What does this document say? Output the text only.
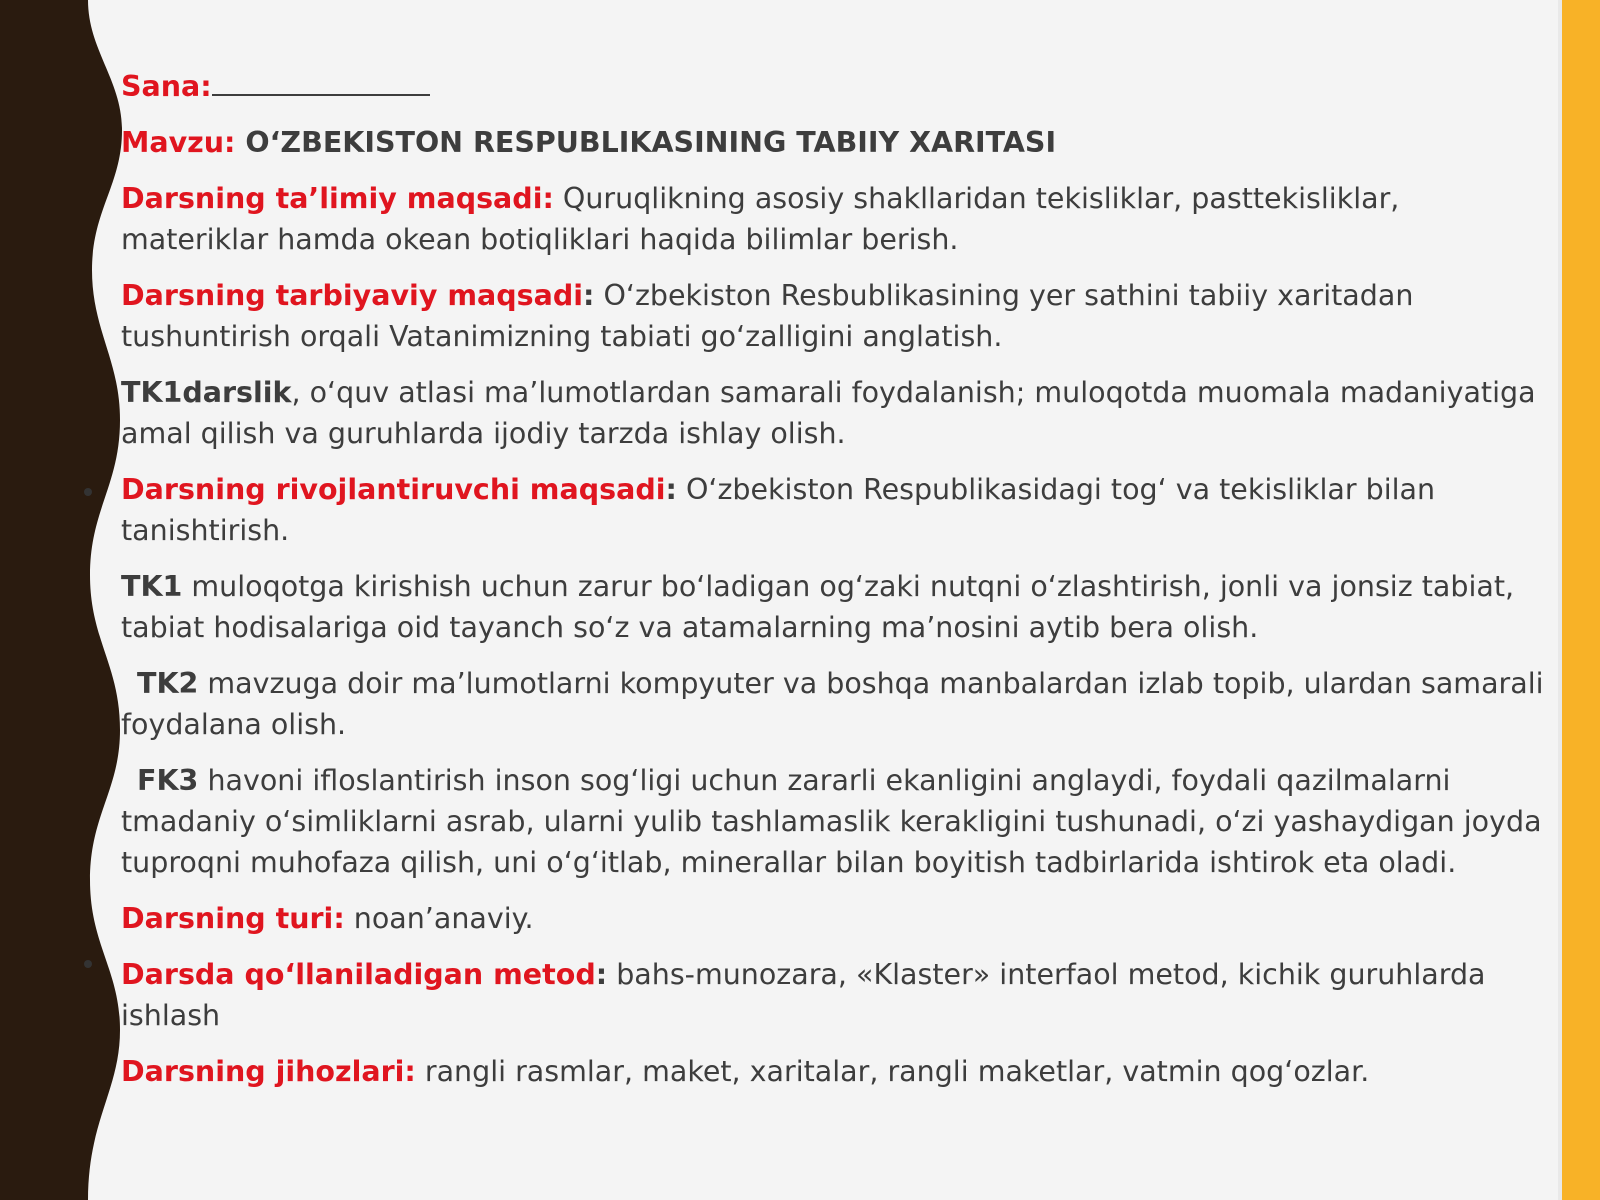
Sana:

Mavzu: O‘ZBEKISTON RESPUBLIKASINING TABIIY XARITASI

Darsning ta’limiy maqsadi: Quruqlikning asosiy shakllaridan tekisliklar, pasttekisliklar, materiklar hamda okean botiqliklari haqida bilimlar berish.

Darsning tarbiyaviy maqsadi: O‘zbekiston Resbublikasining yer sathini tabiiy xaritadan tushuntirish orqali Vatanimizning tabiati go‘zalligini anglatish.

TK1darslik, o‘quv atlasi ma’lumotlardan samarali foydalanish; muloqotda muomala madaniyatiga amal qilish va guruhlarda ijodiy tarzda ishlay olish.

Darsning rivojlantiruvchi maqsadi: O‘zbekiston Respublikasidagi tog‘ va tekisliklar bilan tanishtirish.

TK1 muloqotga kirishish uchun zarur bo‘ladigan og‘zaki nutqni o‘zlashtirish, jonli va jonsiz tabiat, tabiat hodisalariga oid tayanch so‘z va atamalarning ma’nosini aytib bera olish.

TK2 mavzuga doir ma’lumotlarni kompyuter va boshqa manbalardan izlab topib, ulardan samarali foydalana olish.

FK3 havoni ifloslantirish inson sog‘ligi uchun zararli ekanligini anglaydi, foydali qazilmalarni tmadaniy o‘simliklarni asrab, ularni yulib tashlamaslik kerakligini tushunadi, o‘zi yashaydigan joyda tuproqni muhofaza qilish, uni o‘g‘itlab, minerallar bilan boyitish tadbirlarida ishtirok eta oladi.

Darsning turi: noan’anaviy.

Darsda qo‘llaniladigan metod: bahs-munozara, «Klaster» interfaol metod, kichik guruhlarda ishlash

Darsning jihozlari: rangli rasmlar, maket, xaritalar, rangli maketlar, vatmin qog‘ozlar.
